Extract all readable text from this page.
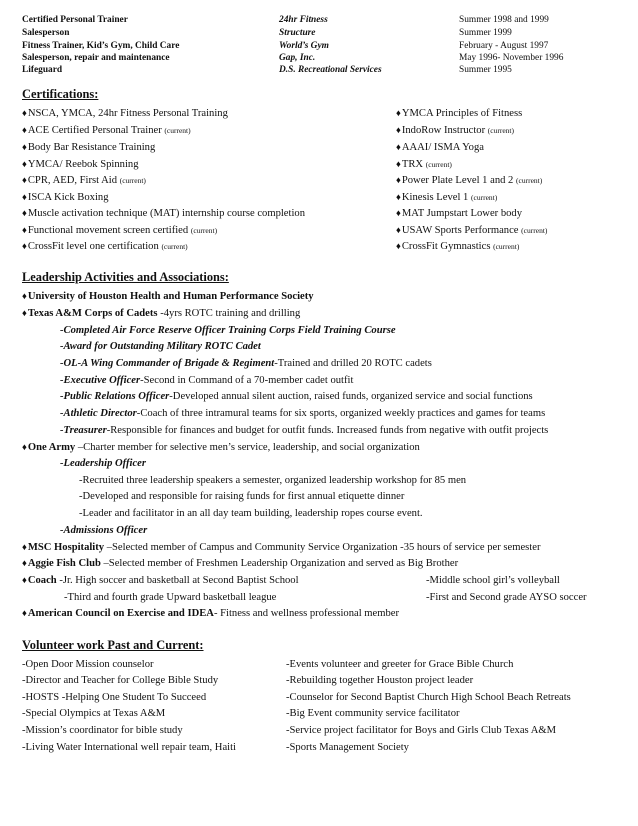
Certified Personal Trainer	24hr Fitness	Summer 1998 and 1999
Salesperson	Structure	Summer 1999
Fitness Trainer, Kid’s Gym, Child Care	World’s Gym	February - August 1997
Salesperson, repair and maintenance	Gap, Inc.	May 1996- November 1996
Lifeguard	D.S. Recreational Services	Summer 1995
Certifications:
♦NSCA, YMCA, 24hr Fitness Personal Training
♦ACE Certified Personal Trainer (current)
♦Body Bar Resistance Training
♦YMCA/ Reebok Spinning
♦CPR, AED, First Aid (current)
♦ISCA Kick Boxing
♦Muscle activation technique (MAT) internship course completion
♦Functional movement screen certified (current)
♦CrossFit level one certification (current)
♦YMCA Principles of Fitness
♦IndoRow Instructor (current)
♦AAAI/ ISMA Yoga
♦TRX (current)
♦Power Plate Level 1 and 2 (current)
♦Kinesis Level 1 (current)
♦MAT Jumpstart Lower body
♦USAW Sports Performance (current)
♦CrossFit Gymnastics (current)
Leadership Activities and Associations:
♦University of Houston Health and Human Performance Society
♦Texas A&M Corps of Cadets -4yrs ROTC training and drilling
-Completed Air Force Reserve Officer Training Corps Field Training Course
-Award for Outstanding Military ROTC Cadet
-OL-A Wing Commander of Brigade & Regiment-Trained and drilled 20 ROTC cadets
-Executive Officer-Second in Command of a 70-member cadet outfit
-Public Relations Officer-Developed annual silent auction, raised funds, organized service and social functions
-Athletic Director-Coach of three intramural teams for six sports, organized weekly practices and games for teams
-Treasurer-Responsible for finances and budget for outfit funds. Increased funds from negative with outfit projects
♦One Army –Charter member for selective men’s service, leadership, and social organization
-Leadership Officer
-Recruited three leadership speakers a semester, organized leadership workshop for 85 men
-Developed and responsible for raising funds for first annual etiquette dinner
-Leader and facilitator in an all day team building, leadership ropes course event.
-Admissions Officer
♦MSC Hospitality –Selected member of Campus and Community Service Organization -35 hours of service per semester
♦Aggie Fish Club –Selected member of Freshmen Leadership Organization and served as Big Brother
♦Coach -Jr. High soccer and basketball at Second Baptist School	-Middle school girl’s volleyball
-Third and fourth grade Upward basketball league	-First and Second grade AYSO soccer
♦American Council on Exercise and IDEA- Fitness and wellness professional member
Volunteer work Past and Current:
-Open Door Mission counselor
-Director and Teacher for College Bible Study
-HOSTS -Helping One Student To Succeed
-Special Olympics at Texas A&M
-Mission’s coordinator for bible study
-Living Water International well repair team, Haiti
-Events volunteer and greeter for Grace Bible Church
-Rebuilding together Houston project leader
-Counselor for Second Baptist Church High School Beach Retreats
-Big Event community service facilitator
-Service project facilitator for Boys and Girls Club Texas A&M
-Sports Management Society
